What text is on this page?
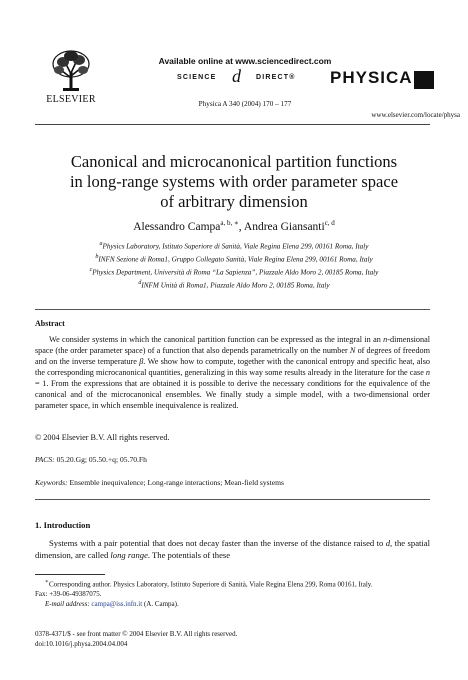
ELSEVIER
Available online at www.sciencedirect.com
SCIENCE d DIRECT®
Physica A 340 (2004) 170 – 177
PHYSICA
www.elsevier.com/locate/physa
Canonical and microcanonical partition functions
in long-range systems with order parameter space
of arbitrary dimension
Alessandro Campa$^{a, b, ∗}$, Andrea Giansanti$^{c, d}$
$^a$Physics Laboratory, Istituto Superiore di Sanità, Viale Regina Elena 299, 00161 Roma, Italy
$^b$INFN Sezione di Roma1, Gruppo Collegato Sanità, Viale Regina Elena 299, 00161 Roma, Italy
$^c$Physics Department, Università di Roma “La Sapienza”, Piazzale Aldo Moro 2, 00185 Roma, Italy
$^d$INFM Unità di Roma1, Piazzale Aldo Moro 2, 00185 Roma, Italy
Abstract
We consider systems in which the canonical partition function can be expressed as the integral in an n-dimensional space (the order parameter space) of a function that also depends parametrically on the number N of degrees of freedom and on the inverse temperature β. We show how to compute, together with the canonical entropy and specific heat, also the corresponding microcanonical quantities, generalizing in this way some results already in the literature for the case n = 1. From the expressions that are obtained it is possible to derive the necessary conditions for the equivalence of the canonical and of the microcanonical ensembles. We finally study a simple model, with a two-dimensional order parameter space, in which ensemble inequivalence is realized.
© 2004 Elsevier B.V. All rights reserved.
PACS: 05.20.Gg; 05.50.+q; 05.70.Fh
Keywords: Ensemble inequivalence; Long-range interactions; Mean-field systems
1. Introduction
Systems with a pair potential that does not decay faster than the inverse of the distance raised to d, the spatial dimension, are called long range. The potentials of these
∗Corresponding author. Physics Laboratory, Istituto Superiore di Sanità, Viale Regina Elena 299, Roma 00161, Italy.
Fax: +39-06-49387075.
E-mail address: campa@iss.infn.it (A. Campa).
0378-4371/$ - see front matter © 2004 Elsevier B.V. All rights reserved.
doi:10.1016/j.physa.2004.04.004
